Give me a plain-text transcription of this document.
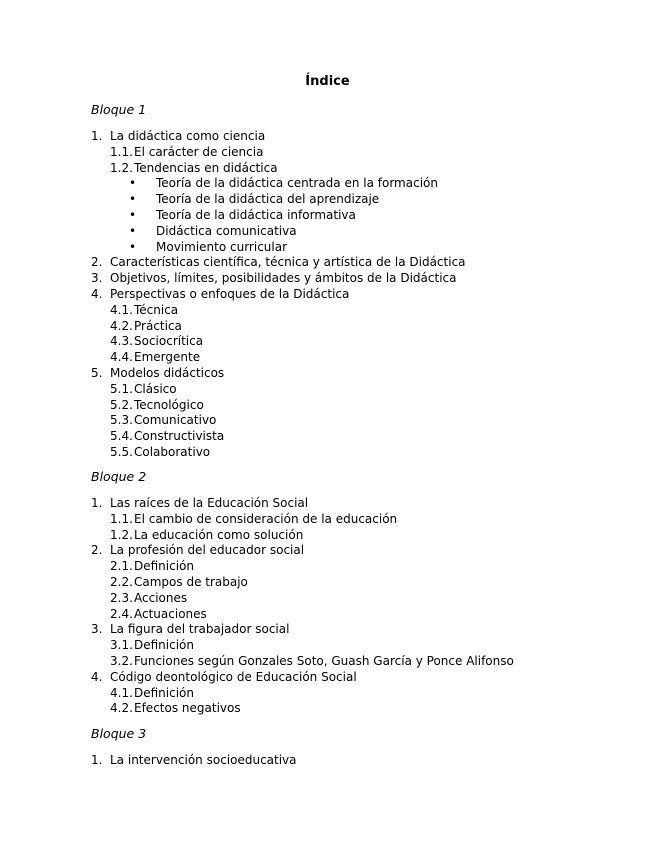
Índice
Bloque 1
1. La didáctica como ciencia
1.1. El carácter de ciencia
1.2. Tendencias en didáctica
• Teoría de la didáctica centrada en la formación
• Teoría de la didáctica del aprendizaje
• Teoría de la didáctica informativa
• Didáctica comunicativa
• Movimiento curricular
2. Características científica, técnica y artística de la Didáctica
3. Objetivos, límites, posibilidades y ámbitos de la Didáctica
4. Perspectivas o enfoques de la Didáctica
4.1. Técnica
4.2. Práctica
4.3. Sociocrítica
4.4. Emergente
5. Modelos didácticos
5.1. Clásico
5.2. Tecnológico
5.3. Comunicativo
5.4. Constructivista
5.5. Colaborativo
Bloque 2
1. Las raíces de la Educación Social
1.1. El cambio de consideración de la educación
1.2. La educación como solución
2. La profesión del educador social
2.1. Definición
2.2. Campos de trabajo
2.3. Acciones
2.4. Actuaciones
3. La figura del trabajador social
3.1. Definición
3.2. Funciones según Gonzales Soto, Guash García y Ponce Alifonso
4. Código deontológico de Educación Social
4.1. Definición
4.2. Efectos negativos
Bloque 3
1. La intervención socioeducativa
